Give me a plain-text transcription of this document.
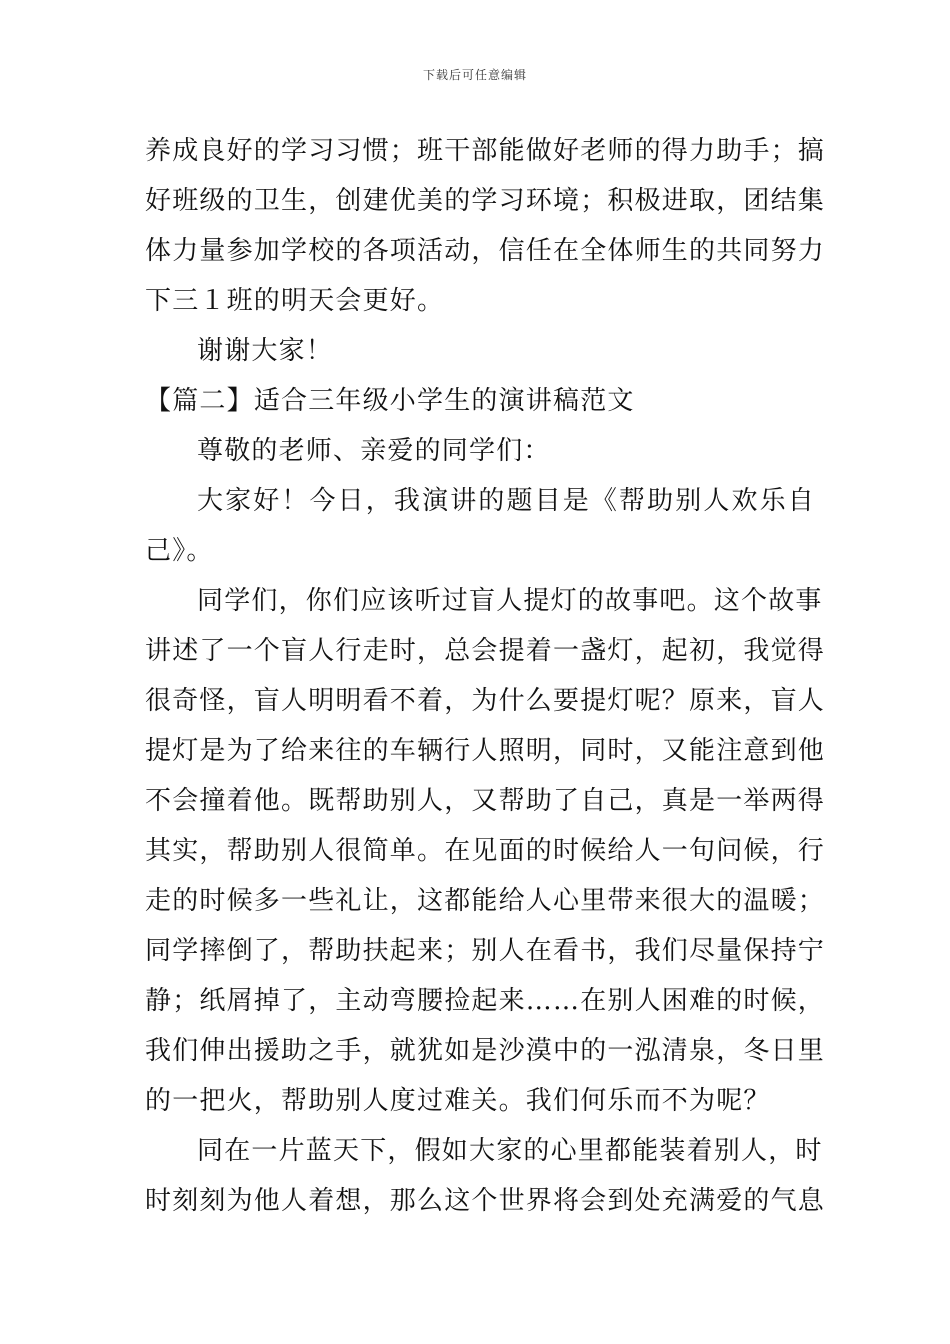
下载后可任意编辑
养成良好的学习习惯；班干部能做好老师的得力助手；搞
好班级的卫生，创建优美的学习环境；积极进取，团结集
体力量参加学校的各项活动，信任在全体师生的共同努力
下三１班的明天会更好。
谢谢大家！
【篇二】适合三年级小学生的演讲稿范文
尊敬的老师、亲爱的同学们：
大家好！今日，我演讲的题目是《帮助别人欢乐自
己》。
同学们，你们应该听过盲人提灯的故事吧。这个故事
讲述了一个盲人行走时，总会提着一盏灯，起初，我觉得
很奇怪，盲人明明看不着，为什么要提灯呢？原来，盲人
提灯是为了给来往的车辆行人照明，同时，又能注意到他
不会撞着他。既帮助别人，又帮助了自己，真是一举两得
其实，帮助别人很简单。在见面的时候给人一句问候，行
走的时候多一些礼让，这都能给人心里带来很大的温暖；
同学摔倒了，帮助扶起来；别人在看书，我们尽量保持宁
静；纸屑掉了，主动弯腰捡起来……在别人困难的时候，
我们伸出援助之手，就犹如是沙漠中的一泓清泉，冬日里
的一把火，帮助别人度过难关。我们何乐而不为呢？
同在一片蓝天下，假如大家的心里都能装着别人，时
时刻刻为他人着想，那么这个世界将会到处充满爱的气息
